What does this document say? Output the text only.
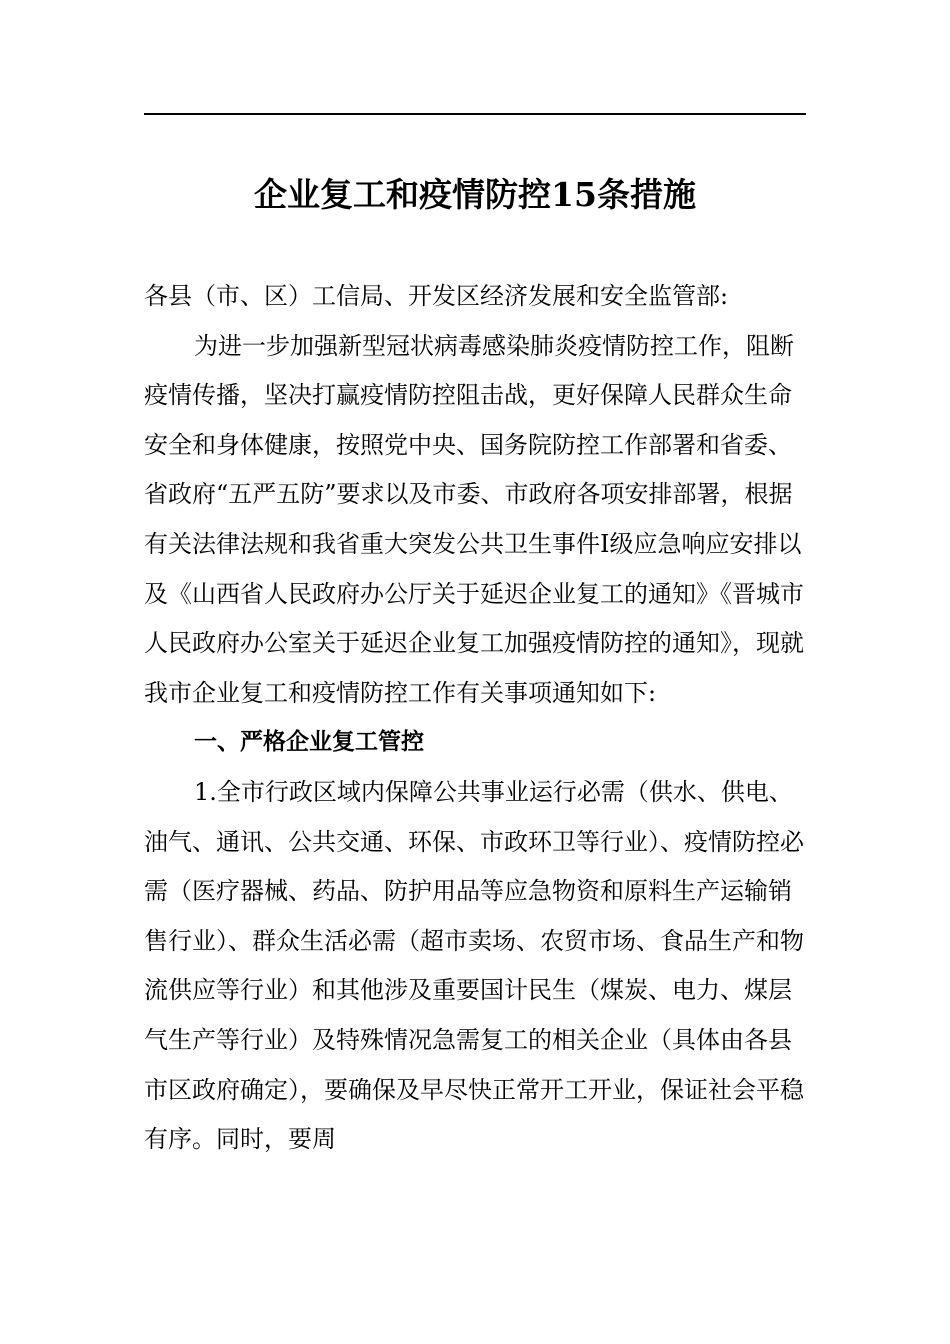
企业复工和疫情防控15条措施

各县（市、区）工信局、开发区经济发展和安全监管部:

为进一步加强新型冠状病毒感染肺炎疫情防控工作，阻断疫情传播，坚决打赢疫情防控阻击战，更好保障人民群众生命安全和身体健康，按照党中央、国务院防控工作部署和省委、省政府“五严五防”要求以及市委、市政府各项安排部署，根据有关法律法规和我省重大突发公共卫生事件Ⅰ级应急响应安排以及《山西省人民政府办公厅关于延迟企业复工的通知》《晋城市人民政府办公室关于延迟企业复工加强疫情防控的通知》，现就我市企业复工和疫情防控工作有关事项通知如下:

一、严格企业复工管控

1.全市行政区域内保障公共事业运行必需（供水、供电、油气、通讯、公共交通、环保、市政环卫等行业）、疫情防控必需（医疗器械、药品、防护用品等应急物资和原料生产运输销售行业）、群众生活必需（超市卖场、农贸市场、食品生产和物流供应等行业）和其他涉及重要国计民生（煤炭、电力、煤层气生产等行业）及特殊情况急需复工的相关企业（具体由各县市区政府确定），要确保及早尽快正常开工开业，保证社会平稳有序。同时，要周
